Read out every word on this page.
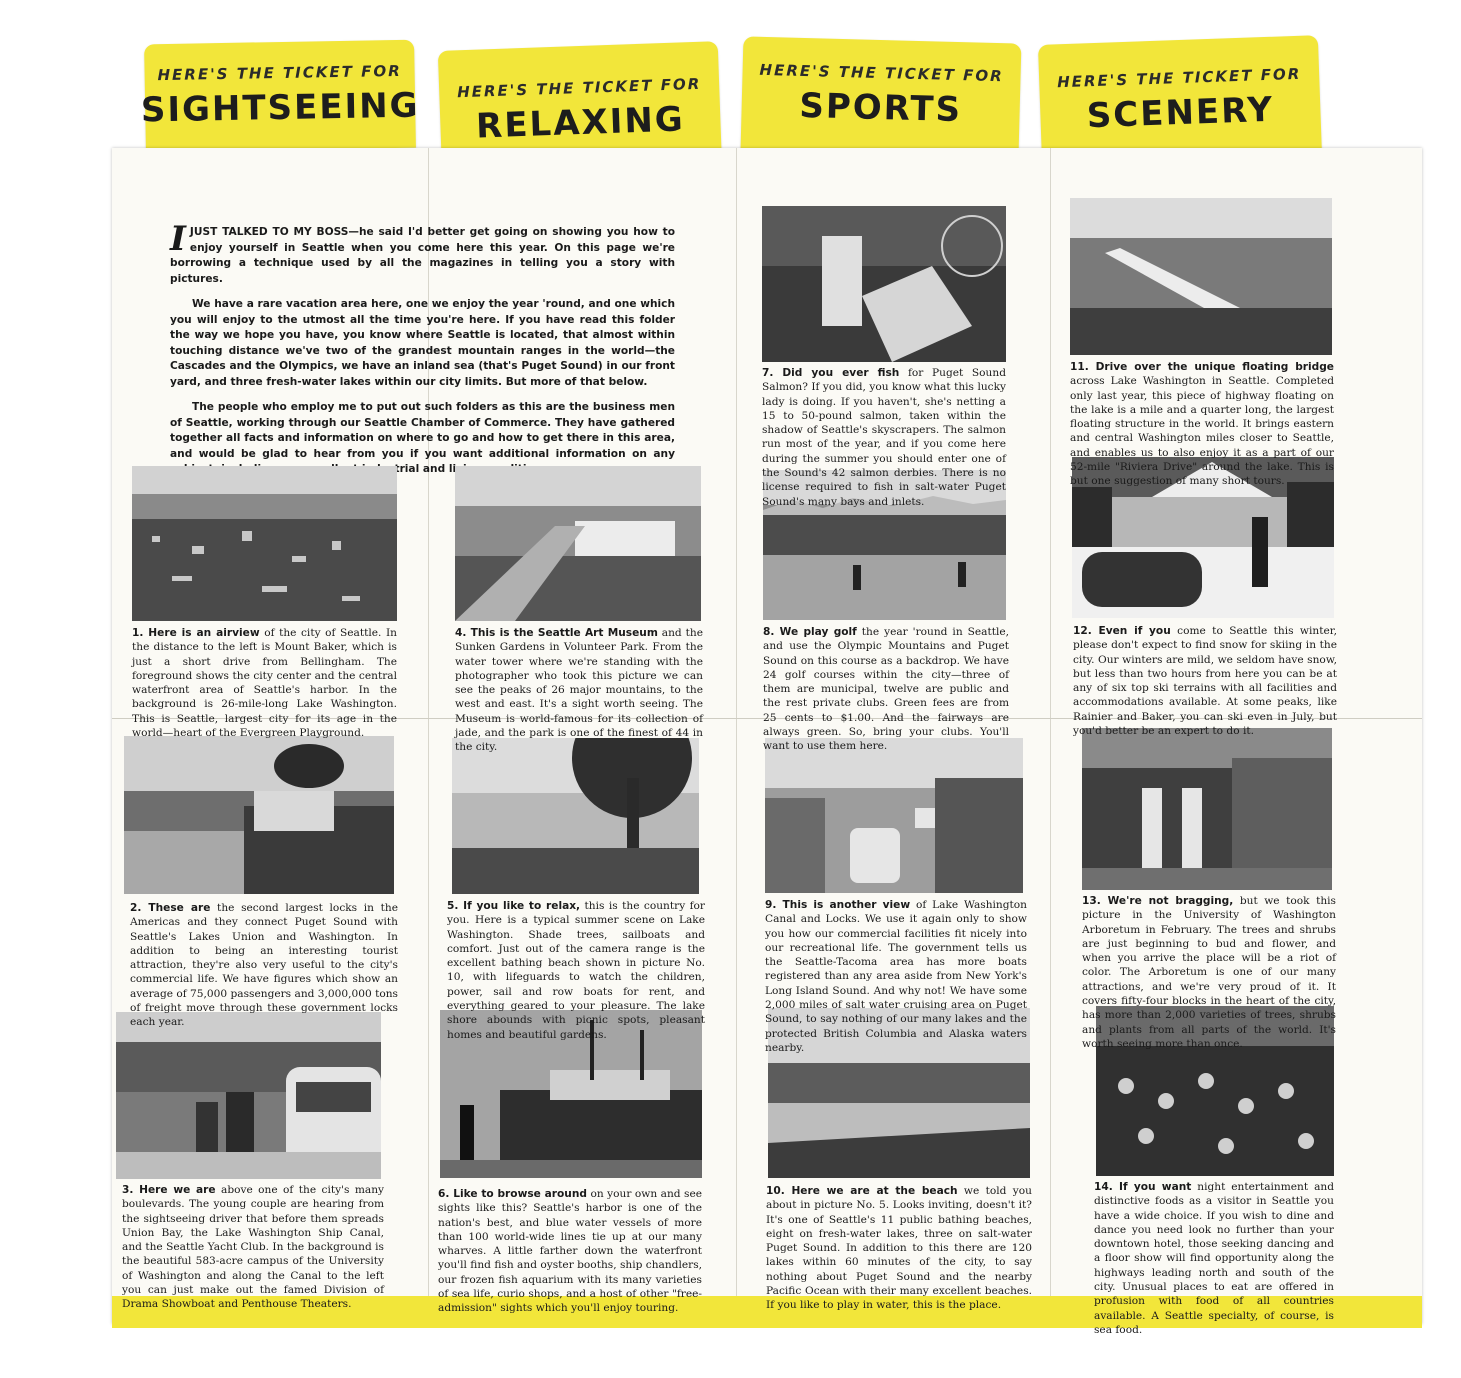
HERE'S THE TICKET FOR
SIGHTSEEING HERE'S THE TICKET FOR
RELAXING
HERE'S THE TICKET FOR
SPORTS
HERE'S THE TICKET FOR
SCENERY

IJUST TALKED TO MY BOSS—he said I'd better get going on showing you how to enjoy yourself in Seattle when you come here this year. On this page we're borrowing a technique used by all the magazines in telling you a story with pictures.

We have a rare vacation area here, one we enjoy the year 'round, and one which you will enjoy to the utmost all the time you're here. If you have read this folder the way we hope you have, you know where Seattle is located, that almost within touching distance we've two of the grandest mountain ranges in the world—the Cascades and the Olympics, we have an inland sea (that's Puget Sound) in our front yard, and three fresh-water lakes within our city limits. But more of that below.

The people who employ me to put out such folders as this are the business men of Seattle, working through our Seattle Chamber of Commerce. They have gathered together all facts and information on where to go and how to get there in this area, and would be glad to hear from you if you want additional information on any and

1. Here is an airview of the city of Seattle. In the distance to the left is Mount Baker, which is just a short drive from Bellingham. The foreground shows the city center and the central waterfront area of Seattle's harbor. In the background is 26-mile-long Lake Washington. This is Seattle, largest city for its age in the world—heart of the Evergreen Playground.
2. These are the second largest locks in the Americas and they connect Puget Sound with Seattle's Lakes Union and Washington. In addition to being an interesting tourist attraction, they're also very useful to the city's commercial life. We have figures which show an average of 75,000 passengers and 3,000,000 tons of freight move through these government locks each year.
3. Here we are above one of the city's many boulevards. The young couple are hearing from the sightseeing driver that before them spreads Union Bay, the Lake Washington Ship Canal, and the Seattle Yacht Club. In the background is the beautiful 583-acre campus of the University of Washington and along the Canal to the left you can just make out the famed Division of Drama Showboat and Penthouse Theaters.
4. This is the Seattle Art Museum and the Sunken Gardens in Volunteer Park. From the water tower where we're standing with the photographer who took this picture we can see the peaks of 26 major mountains, to the west and east. It's a sight worth seeing. The Museum is world-famous for its collection of jade, and the park is one of the finest of 44 in the city.
5. If you like to relax, this is the country for you. Here is a typical summer scene on Lake Washington. Shade trees, sailboats and comfort. Just out of the camera range is the excellent bathing beach shown in picture No. 10, with lifeguards to watch the children, power, sail and row boats for rent, and everything geared to your pleasure. The lake shore abounds with picnic spots, pleasant homes and beautiful gardens.
6. Like to browse around on your own and see sights like this? Seattle's harbor is one of the nation's best, and blue water vessels of more than 100 world-wide lines tie up at our many wharves. A little farther down the waterfront you'll find fish and oyster booths, ship chandlers, our frozen fish aquarium with its many varieties of sea life, curio shops, and a host of other "free-admission" sights which you'll enjoy touring.
7. Did you ever fish for Puget Sound Salmon? If you did, you know what this lucky lady is doing. If you haven't, she's netting a 15 to 50-pound salmon, taken within the shadow of Seattle's skyscrapers. The salmon run most of the year, and if you come here during the summer you should enter one of the Sound's 42 salmon derbies. There is no license required to fish in salt-water Puget Sound's many bays and inlets.
8. We play golf the year 'round in Seattle, and use the Olympic Mountains and Puget Sound on this course as a backdrop. We have 24 golf courses within the city—three of them are municipal, twelve are public and the rest private clubs. Green fees are from 25 cents to $1.00. And the fairways are always green. So, bring your clubs. You'll want to use them here.
9. This is another view of Lake Washington Canal and Locks. We use it again only to show you how our commercial facilities fit nicely into our recreational life. The government tells us the Seattle-Tacoma area has more boats registered than any area aside from New York's Long Island Sound. And why not! We have some 2,000 miles of salt water cruising area on Puget Sound, to say nothing of our many lakes and the protected British Columbia and Alaska waters nearby.
10. Here we are at the beach we told you about in picture No. 5. Looks inviting, doesn't it? It's one of Seattle's 11 public bathing beaches, eight on fresh-water lakes, three on salt-water Puget Sound. In addition to this there are 120 lakes within 60 minutes of the city, to say nothing about Puget Sound and the nearby Pacific Ocean with their many excellent beaches. If you like to play in water, this is the place.
11. Drive over the unique floating bridge across Lake Washington in Seattle. Completed only last year, this piece of highway floating on the lake is a mile and a quarter long, the largest floating structure in the world. It brings eastern and central Washington miles closer to Seattle, and enables us to also enjoy it as a part of our 52-mile "Riviera Drive" around the lake. This is but one suggestion of many short tours.
12. Even if you come to Seattle this winter, please don't expect to find snow for skiing in the city. Our winters are mild, we seldom have snow, but less than two hours from here you can be at any of six top ski terrains with all facilities and accommodations available. At some peaks, like Rainier and Baker, you can ski even in July, but you'd better be an expert to do it.
13. We're not bragging, but we took this picture in the University of Washington Arboretum in February. The trees and shrubs are just beginning to bud and flower, and when you arrive the place will be a riot of color. The Arboretum is one of our many attractions, and we're very proud of it. It covers fifty-four blocks in the heart of the city, has more than 2,000 varieties of trees, shrubs and plants from all parts of the world. It's worth seeing more than once.
14. If you want night entertainment and distinctive foods as a visitor in Seattle you have a wide choice. If you wish to dine and dance you need look no further than your downtown hotel, those seeking dancing and a floor show will find opportunity along the highways leading north and south of the city. Unusual places to eat are offered in profusion with food of all countries available. A Seattle specialty, of course, is sea food.
